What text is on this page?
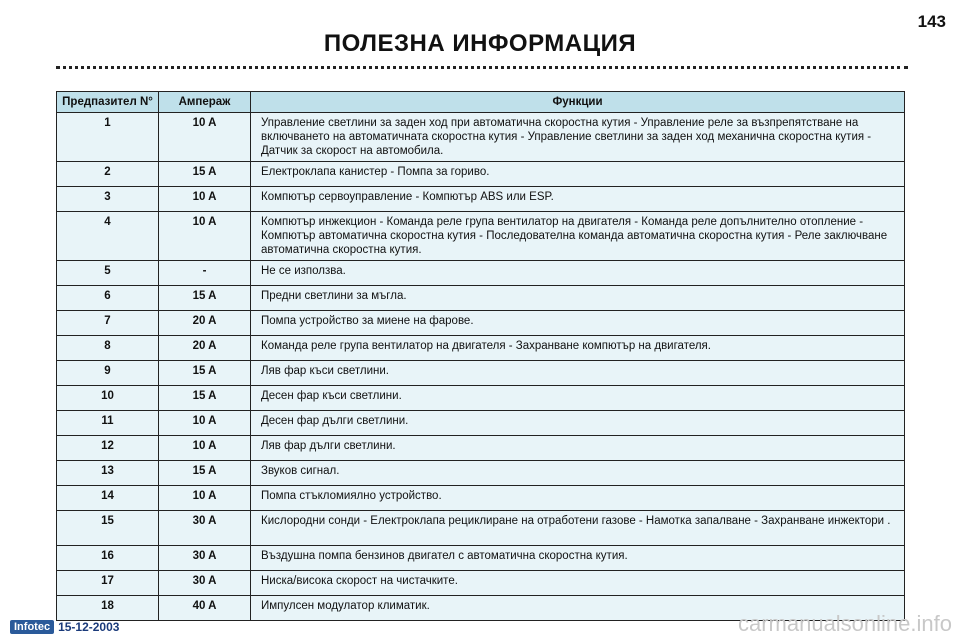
143
ПОЛЕЗНА ИНФОРМАЦИЯ
Предпазител N°	Ампераж	Функции
1	10 A	Управление светлини за заден ход при автоматична скоростна кутия - Управление реле за възпрепятстване на включването на автоматичната скоростна кутия - Управление светлини за заден ход механична скоростна кутия - Датчик за скорост на автомобила.
2	15 A	Електроклапа канистер - Помпа за гориво.
3	10 A	Компютър сервоуправление - Компютър ABS или ESP.
4	10 A	Компютър инжекцион - Команда реле група вентилатор на двигателя - Команда реле допълнително отопление - Компютър автоматична скоростна кутия - Последователна команда автоматична скоростна кутия - Реле заключване автоматична скоростна кутия.
5	-	Не се използва.
6	15 A	Предни светлини за мъгла.
7	20 A	Помпа устройство за миене на фарове.
8	20 A	Команда реле група вентилатор на двигателя - Захранване компютър на двигателя.
9	15 A	Ляв фар къси светлини.
10	15 A	Десен фар къси светлини.
11	10 A	Десен фар дълги светлини.
12	10 A	Ляв фар дълги светлини.
13	15 A	Звуков сигнал.
14	10 A	Помпа стъкломиялно устройство.
15	30 A	Кислородни сонди - Електроклапа рециклиране на отработени газове - Намотка запалване - Захранване инжектори .
16	30 A	Въздушна помпа бензинов двигател с автоматична скоростна кутия.
17	30 A	Ниска/висока скорост на чистачките.
18	40 A	Импулсен модулатор климатик.
Infotec 15-12-2003	carmanualsonline.info
